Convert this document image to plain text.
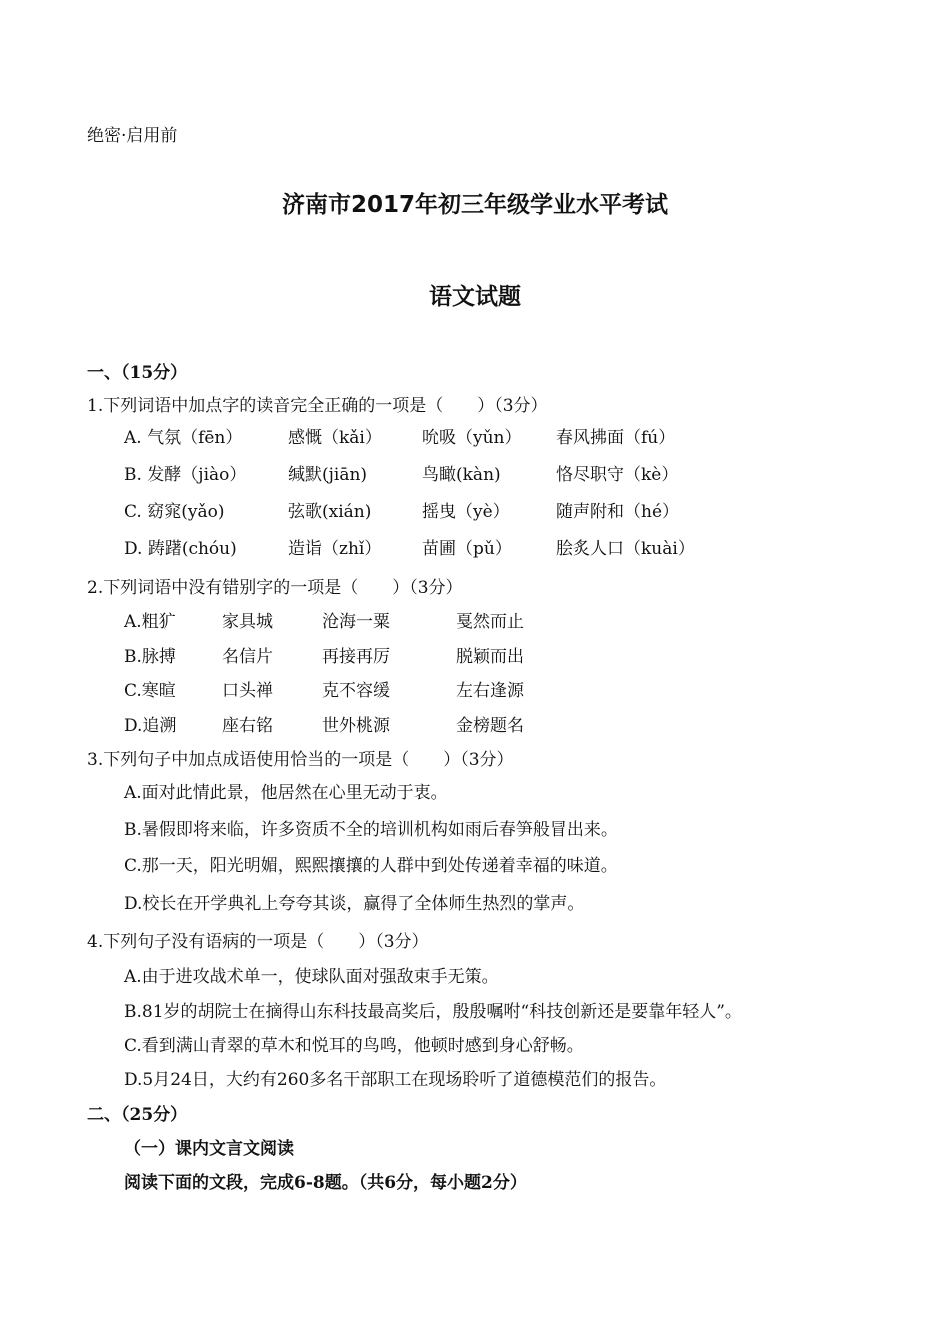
绝密·启用前
济南市2017年初三年级学业水平考试
语文试题
一、（15分）
1.下列词语中加点字的读音完全正确的一项是（　　）（3分）
A. 气氛（fēn）	感慨（kǎi） 吮吸（yǔn） 春风拂面（fú）
B. 发酵（jiào） 缄默(jiān)	鸟瞰(kàn)	恪尽职守（kè）
C. 窈窕(yǎo)	弦歌(xián)	摇曳（yè）	随声附和（hé）
D. 踌躇(chóu)	造诣（zhǐ） 苗圃（pǔ）	脍炙人口（kuài）
2.下列词语中没有错别字的一项是（　　）（3分）
A.粗犷	家具城	沧海一粟	戛然而止
B.脉搏	名信片	再接再厉	脱颖而出
C.寒暄	口头禅	克不容缓	左右逢源
D.追溯	座右铭	世外桃源	金榜题名
3.下列句子中加点成语使用恰当的一项是（　　）（3分）
A.面对此情此景，他居然在心里无动于衷。
B.暑假即将来临，许多资质不全的培训机构如雨后春笋般冒出来。
C.那一天，阳光明媚，熙熙攘攘的人群中到处传递着幸福的味道。
D.校长在开学典礼上夸夸其谈，赢得了全体师生热烈的掌声。
4.下列句子没有语病的一项是（　　）（3分）
A.由于进攻战术单一，使球队面对强敌束手无策。
B.81岁的胡院士在摘得山东科技最高奖后，殷殷嘱咐“科技创新还是要靠年轻人”。
C.看到满山青翠的草木和悦耳的鸟鸣，他顿时感到身心舒畅。
D.5月24日，大约有260多名干部职工在现场聆听了道德模范们的报告。
二、（25分）
（一）课内文言文阅读
阅读下面的文段，完成6-8题。（共6分，每小题2分）
